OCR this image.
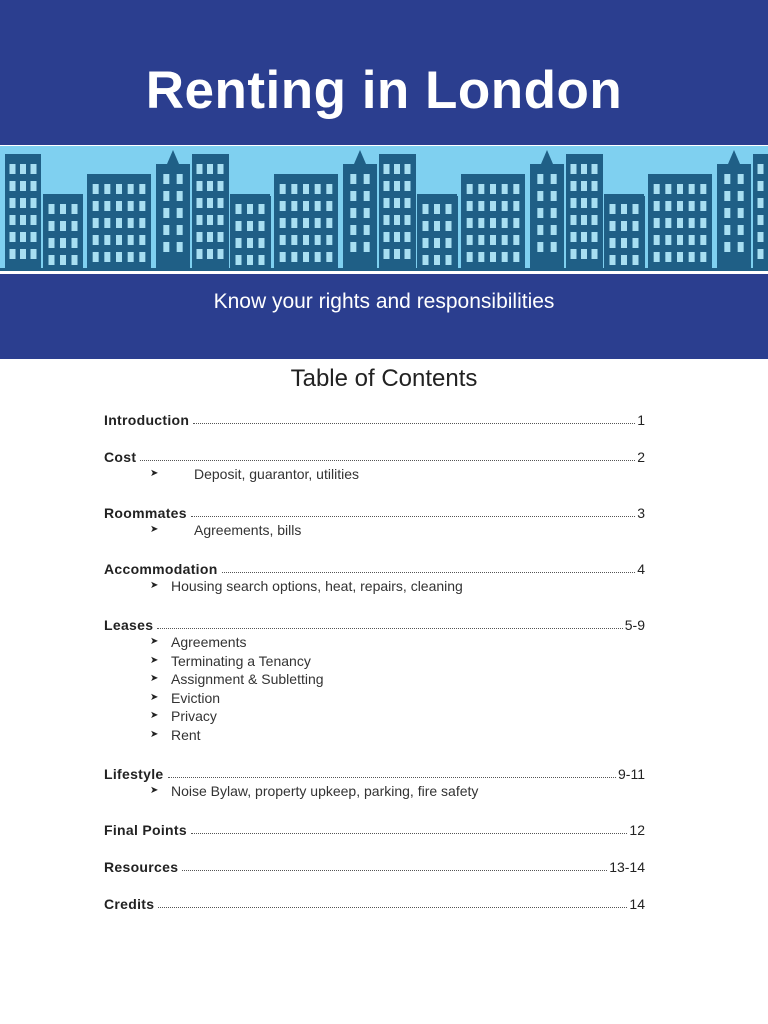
Renting in London
Know your rights and responsibilities
Table of Contents
Introduction	1
Cost	2
➤	Deposit, guarantor, utilities
Roommates	3
➤	Agreements, bills
Accommodation	4
➤ Housing search options, heat, repairs, cleaning
Leases	5-9
➤ Agreements
➤ Terminating a Tenancy
➤ Assignment & Subletting
➤ Eviction
➤ Privacy
➤ Rent
Lifestyle	9-11
➤ Noise Bylaw, property upkeep, parking, fire safety
Final Points	12
Resources	13-14
Credits	14
